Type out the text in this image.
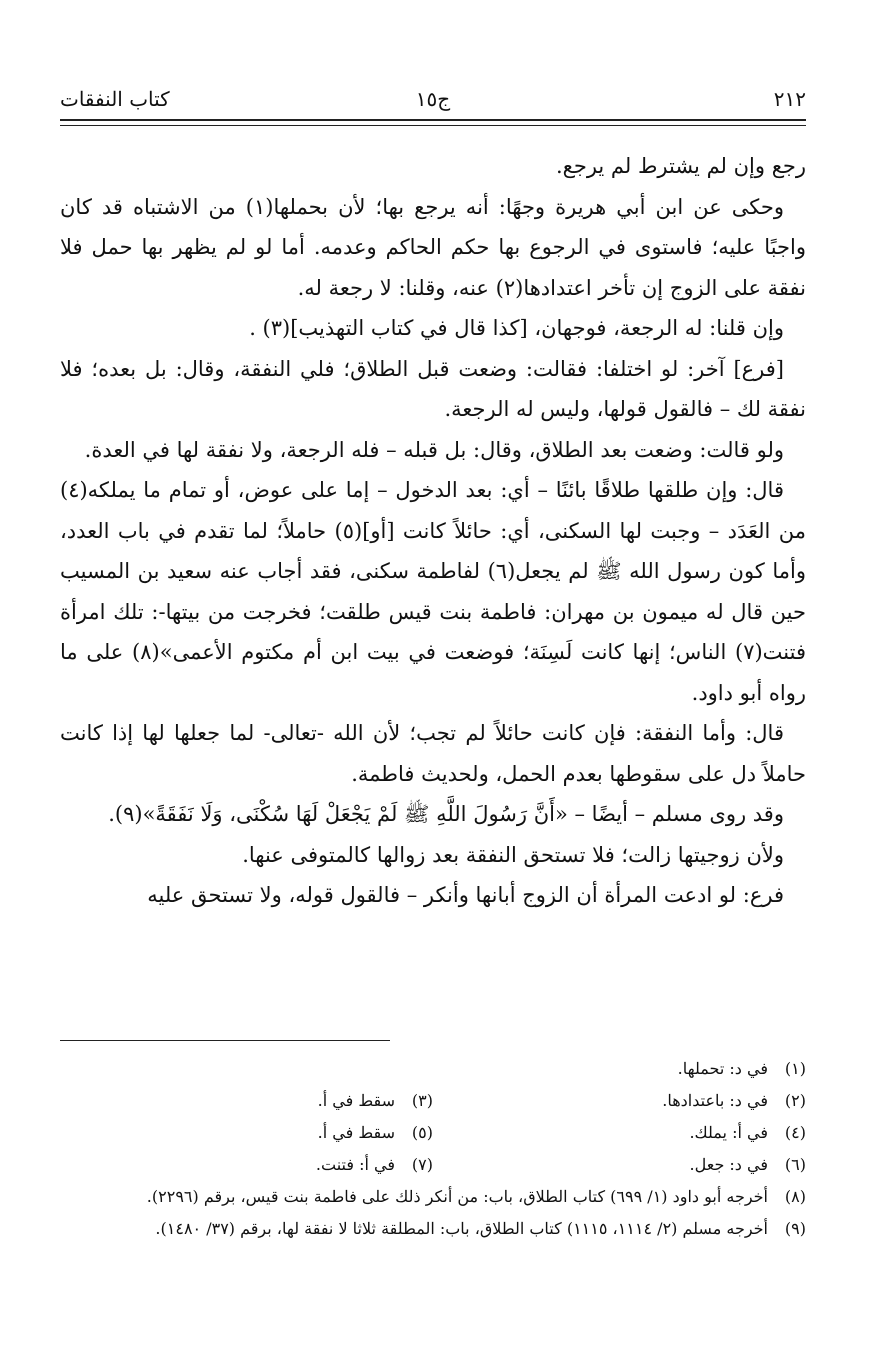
٢١٢
ج١٥
كتاب النفقات

رجع وإن لم يشترط لم يرجع.

وحكى عن ابن أبي هريرة وجهًا: أنه يرجع بها؛ لأن بحملها(١) من الاشتباه قد كان واجبًا عليه؛ فاستوى في الرجوع بها حكم الحاكم وعدمه. أما لو لم يظهر بها حمل فلا نفقة على الزوج إن تأخر اعتدادها(٢) عنه، وقلنا: لا رجعة له.

وإن قلنا: له الرجعة، فوجهان، [كذا قال في كتاب التهذيب](٣) .

[فرع] آخر: لو اختلفا: فقالت: وضعت قبل الطلاق؛ فلي النفقة، وقال: بل بعده؛ فلا نفقة لك – فالقول قولها، وليس له الرجعة.

ولو قالت: وضعت بعد الطلاق، وقال: بل قبله – فله الرجعة، ولا نفقة لها في العدة.

قال: وإن طلقها طلاقًا بائنًا – أي: بعد الدخول – إما على عوض، أو تمام ما يملكه(٤) من العَدَد – وجبت لها السكنى، أي: حائلاً كانت [أو](٥) حاملاً؛ لما تقدم في باب العدد، وأما كون رسول الله ﷺ لم يجعل(٦) لفاطمة سكنى، فقد أجاب عنه سعيد بن المسيب حين قال له ميمون بن مهران: فاطمة بنت قيس طلقت؛ فخرجت من بيتها-: تلك امرأة فتنت(٧) الناس؛ إنها كانت لَسِنَة؛ فوضعت في بيت ابن أم مكتوم الأعمى»(٨) على ما رواه أبو داود.

قال: وأما النفقة: فإن كانت حائلاً لم تجب؛ لأن الله -تعالى- لما جعلها لها إذا كانت حاملاً دل على سقوطها بعدم الحمل، ولحديث فاطمة.

وقد روى مسلم – أيضًا – «أَنَّ رَسُولَ اللَّهِ ﷺ لَمْ يَجْعَلْ لَهَا سُكْنَى، وَلَا نَفَقَةً»(٩).

ولأن زوجيتها زالت؛ فلا تستحق النفقة بعد زوالها كالمتوفى عنها.

فرع: لو ادعت المرأة أن الزوج أبانها وأنكر – فالقول قوله، ولا تستحق عليه

(١)
في د: تحملها.
(٢)
في د: باعتدادها.
(٣)
سقط في أ.
(٤)
في أ: يملك.
(٥)
سقط في أ.
(٦)
في د: جعل.
(٧)
في أ: فتنت.
(٨)
أخرجه أبو داود (١/ ٦٩٩) كتاب الطلاق، باب: من أنكر ذلك على فاطمة بنت قيس، برقم (٢٢٩٦).
(٩)
أخرجه مسلم (٢/ ١١١٤، ١١١٥) كتاب الطلاق، باب: المطلقة ثلاثا لا نفقة لها، برقم (٣٧/ ١٤٨٠).
